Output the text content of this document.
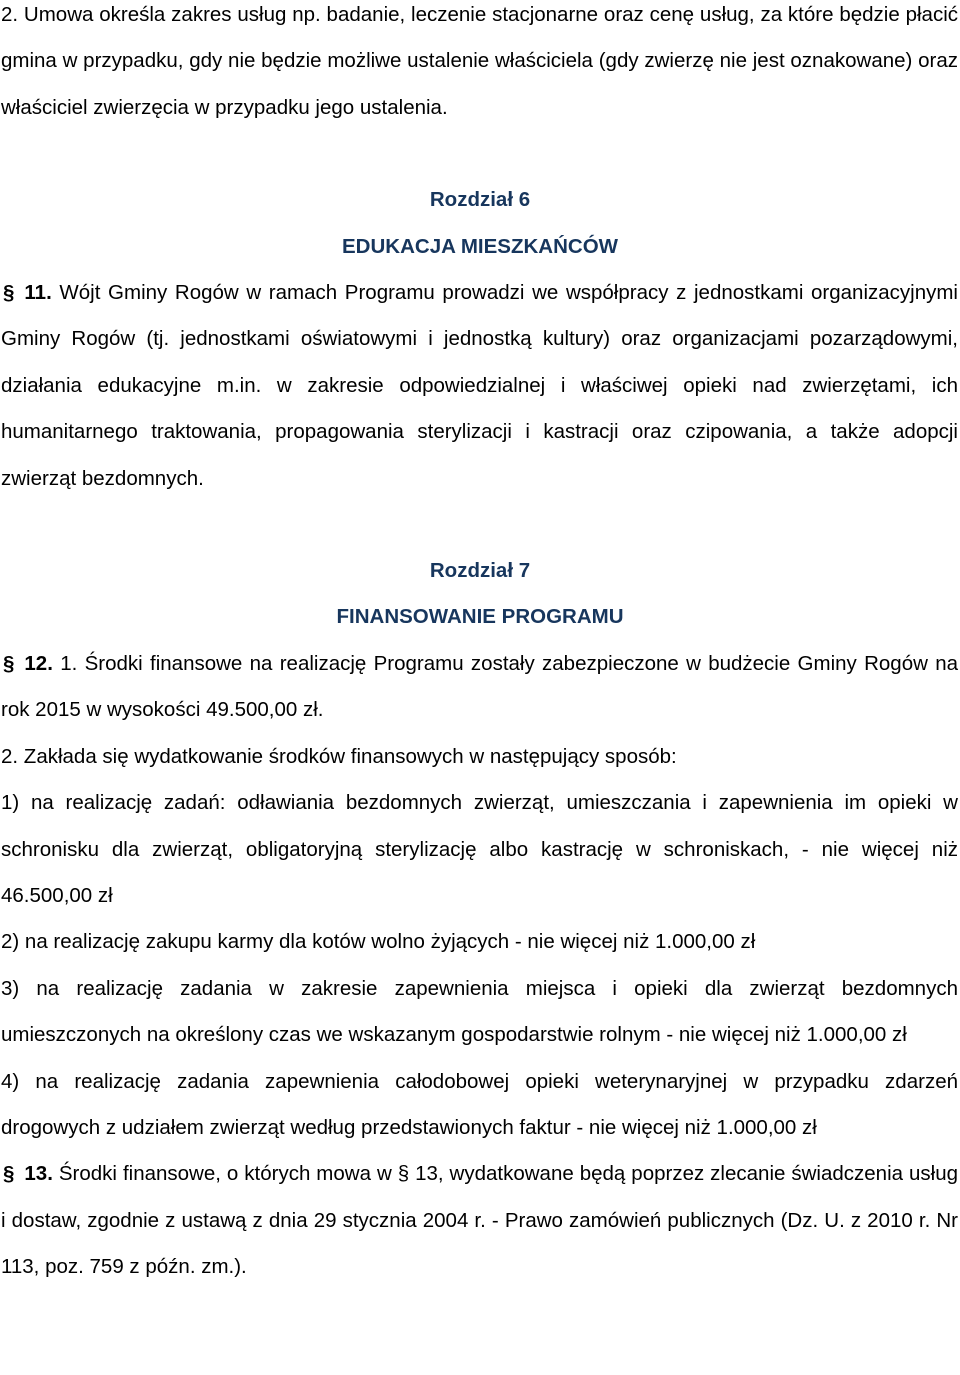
2. Umowa określa zakres usług np. badanie, leczenie stacjonarne oraz cenę usług, za które będzie płacić gmina w przypadku, gdy nie będzie możliwe ustalenie właściciela (gdy zwierzę nie jest oznakowane) oraz właściciel zwierzęcia w przypadku jego ustalenia.

Rozdział 6
EDUKACJA MIESZKAŃCÓW

§ 11. Wójt Gminy Rogów w ramach Programu prowadzi we współpracy z jednostkami organizacyjnymi Gminy Rogów (tj. jednostkami oświatowymi i jednostką kultury) oraz organizacjami pozarządowymi, działania edukacyjne m.in. w zakresie odpowiedzialnej i właściwej opieki nad zwierzętami, ich humanitarnego traktowania, propagowania sterylizacji i kastracji oraz czipowania, a także adopcji zwierząt bezdomnych.

Rozdział 7
FINANSOWANIE PROGRAMU

§ 12. 1. Środki finansowe na realizację Programu zostały zabezpieczone w budżecie Gminy Rogów na rok 2015 w wysokości 49.500,00 zł.

2. Zakłada się wydatkowanie środków finansowych w następujący sposób:

1) na realizację zadań: odławiania bezdomnych zwierząt, umieszczania i zapewnienia im opieki w schronisku dla zwierząt, obligatoryjną sterylizację albo kastrację w schroniskach, - nie więcej niż 46.500,00 zł

2) na realizację zakupu karmy dla kotów wolno żyjących - nie więcej niż 1.000,00 zł

3) na realizację zadania w zakresie zapewnienia miejsca i opieki dla zwierząt bezdomnych umieszczonych na określony czas we wskazanym gospodarstwie rolnym - nie więcej niż 1.000,00 zł

4) na realizację zadania zapewnienia całodobowej opieki weterynaryjnej w przypadku zdarzeń drogowych z udziałem zwierząt według przedstawionych faktur - nie więcej niż 1.000,00 zł

§ 13. Środki finansowe, o których mowa w § 13, wydatkowane będą poprzez zlecanie świadczenia usług i dostaw, zgodnie z ustawą z dnia 29 stycznia 2004 r. - Prawo zamówień publicznych (Dz. U. z 2010 r. Nr 113, poz. 759 z późn. zm.).
